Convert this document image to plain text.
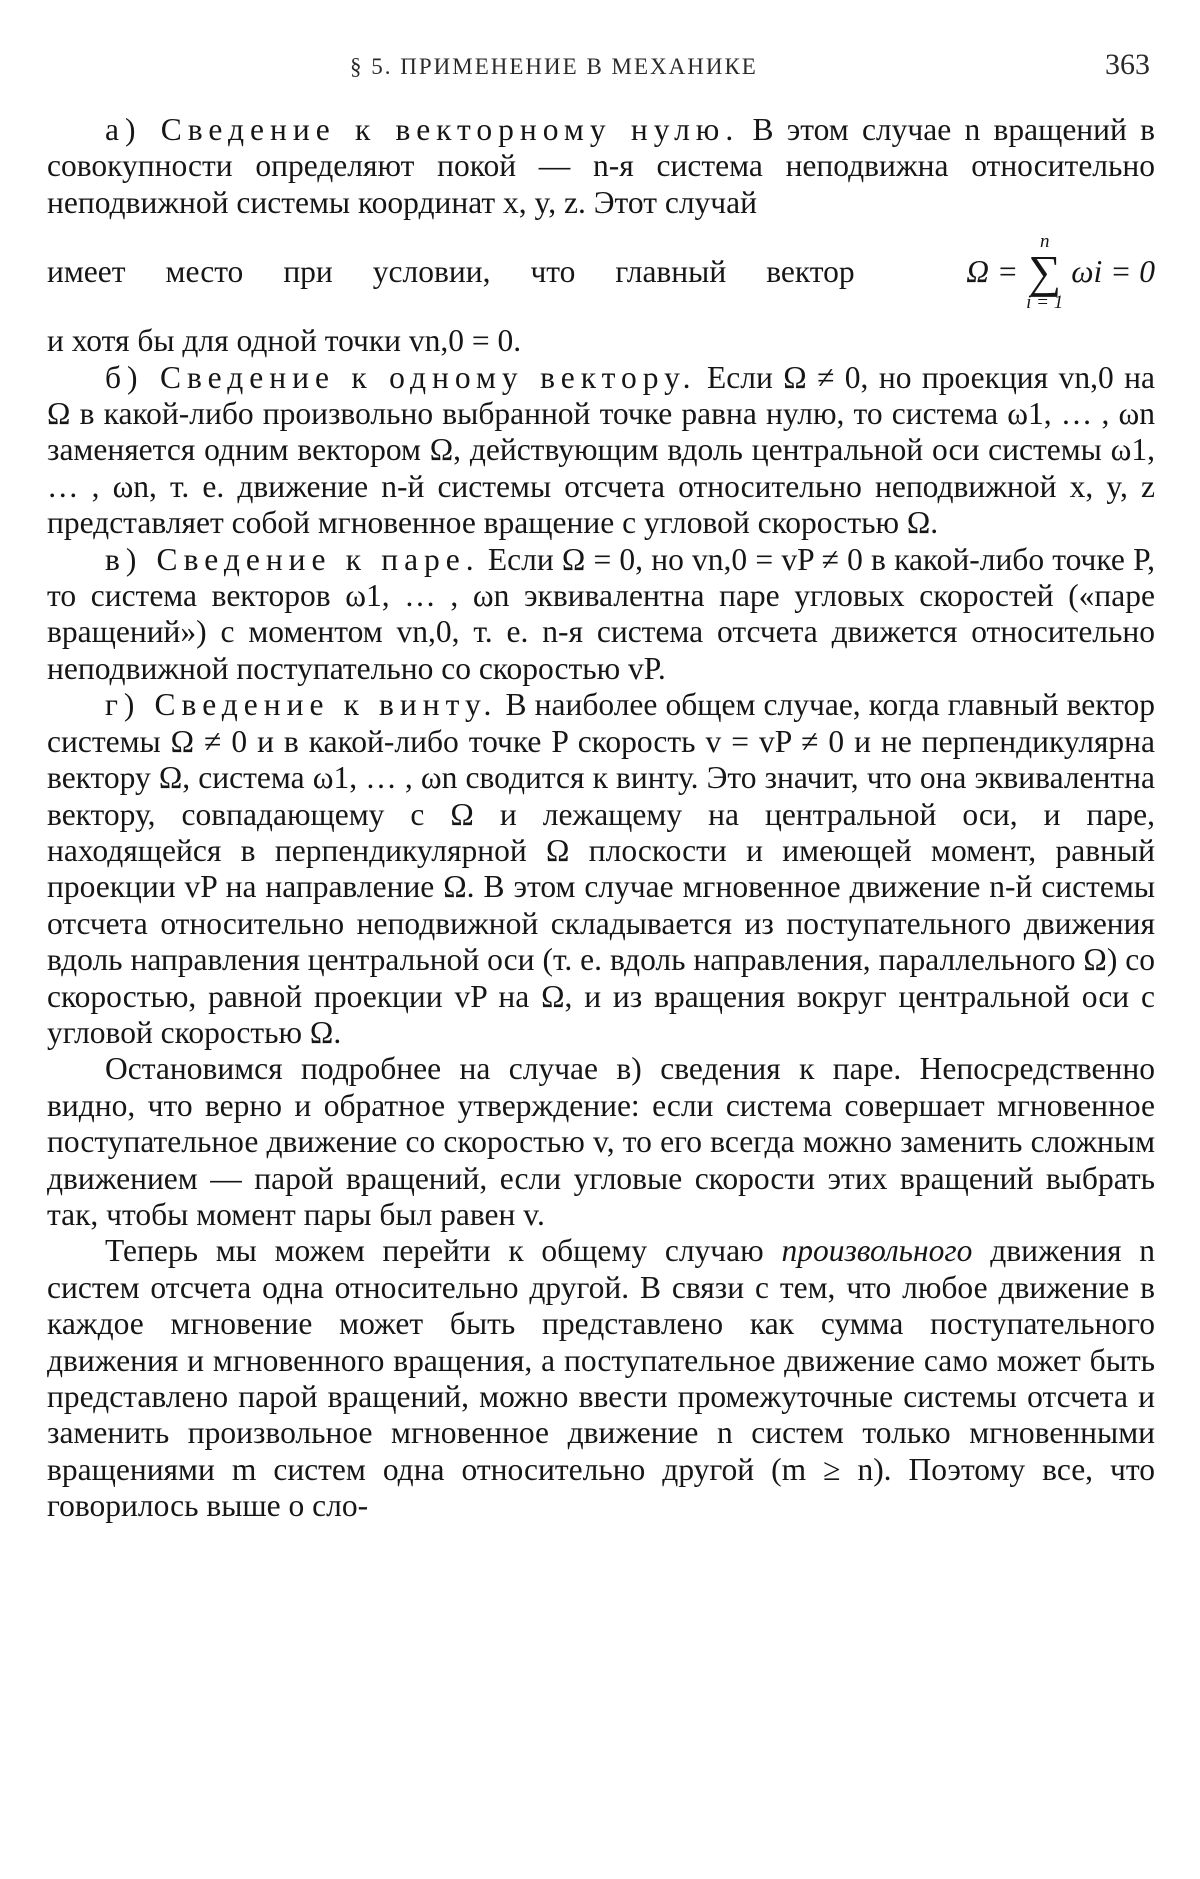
§ 5. ПРИМЕНЕНИЕ В МЕХАНИКЕ	363

а) Сведение к векторному нулю. В этом случае n вращений в совокупности определяют покой — n-я система неподвижна относительно неподвижной системы координат x, y, z. Этот случай

имеет место при условии, что главный вектор	Ω =
n
∑
i = 1
ωi = 0

и хотя бы для одной точки vn,0 = 0.

б) Сведение к одному вектору. Если Ω ≠ 0, но проекция vn,0 на Ω в какой-либо произвольно выбранной точке равна нулю, то система ω1, … , ωn заменяется одним вектором Ω, действующим вдоль центральной оси системы ω1, … , ωn, т. е. движение n-й системы отсчета относительно неподвижной x, y, z представляет собой мгновенное вращение с угловой скоростью Ω.

в) Сведение к паре. Если Ω = 0, но vn,0 = vP ≠ 0 в какой-либо точке P, то система векторов ω1, … , ωn эквивалентна паре угловых скоростей («паре вращений») с моментом vn,0, т. е. n-я система отсчета движется относительно неподвижной поступательно со скоростью vP.

г) Сведение к винту. В наиболее общем случае, когда главный вектор системы Ω ≠ 0 и в какой-либо точке P скорость v = vP ≠ 0 и не перпендикулярна вектору Ω, система ω1, … , ωn сводится к винту. Это значит, что она эквивалентна вектору, совпадающему с Ω и лежащему на центральной оси, и паре, находящейся в перпендикулярной Ω плоскости и имеющей момент, равный проекции vP на направление Ω. В этом случае мгновенное движение n-й системы отсчета относительно неподвижной складывается из поступательного движения вдоль направления центральной оси (т. е. вдоль направления, параллельного Ω) со скоростью, равной проекции vP на Ω, и из вращения вокруг центральной оси с угловой скоростью Ω.

Остановимся подробнее на случае в) сведения к паре. Непосредственно видно, что верно и обратное утверждение: если система совершает мгновенное поступательное движение со скоростью v, то его всегда можно заменить сложным движением — парой вращений, если угловые скорости этих вращений выбрать так, чтобы момент пары был равен v.

Теперь мы можем перейти к общему случаю произвольного движения n систем отсчета одна относительно другой. В связи с тем, что любое движение в каждое мгновение может быть представлено как сумма поступательного движения и мгновенного вращения, а поступательное движение само может быть представлено парой вращений, можно ввести промежуточные системы отсчета и заменить произвольное мгновенное движение n систем только мгновенными вращениями m систем одна относительно другой (m ≥ n). Поэтому все, что говорилось выше о сло-
